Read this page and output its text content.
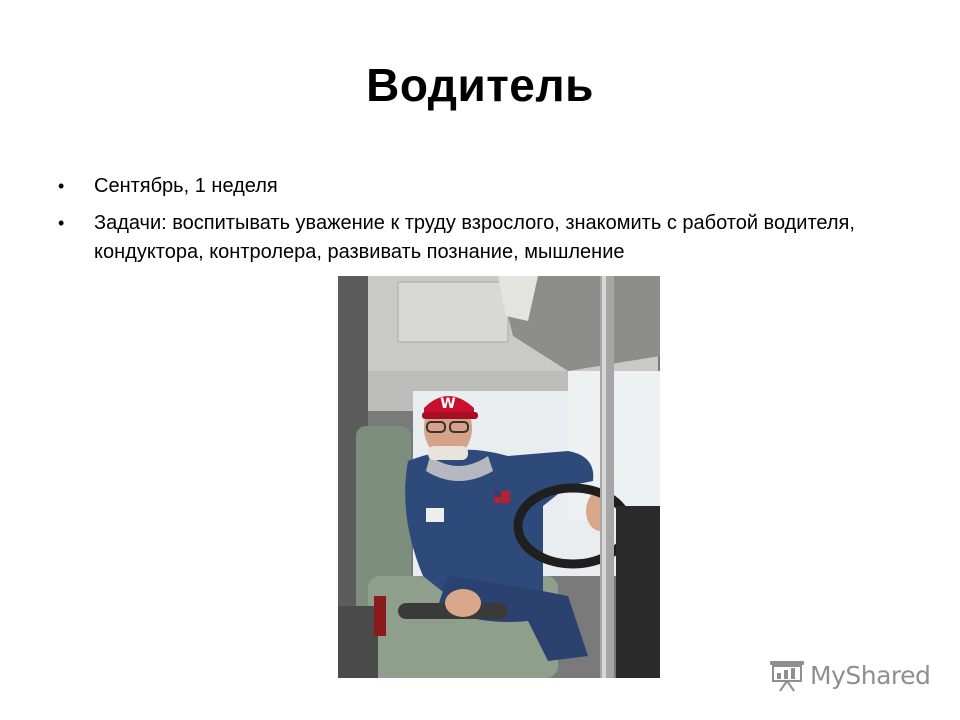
Водитель
• Сентябрь, 1 неделя
• Задачи: воспитывать уважение к труду взрослого, знакомить с работой водителя, кондуктора, контролера, развивать познание, мышление
W
MyShared
